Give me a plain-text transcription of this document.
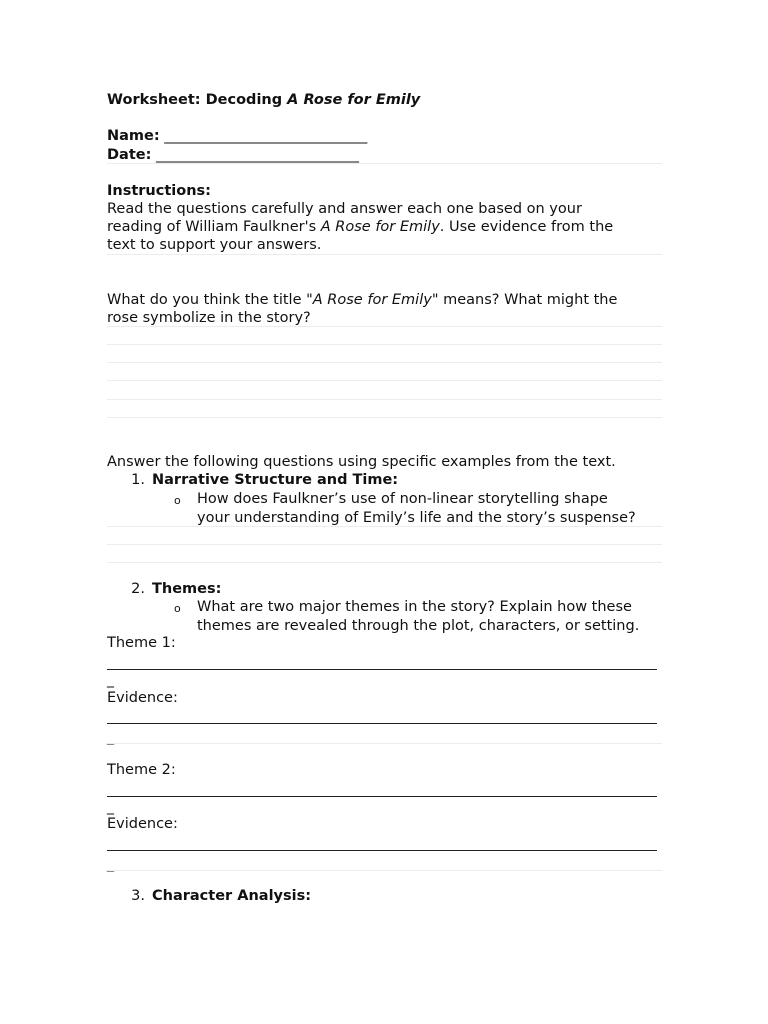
Worksheet: Decoding A Rose for Emily
Name: ____________________________
Date: ____________________________
Instructions:
Read the questions carefully and answer each one based on your
reading of William Faulkner's A Rose for Emily. Use evidence from the
text to support your answers.
What do you think the title "A Rose for Emily" means? What might the
rose symbolize in the story?
Answer the following questions using specific examples from the text.
1. Narrative Structure and Time:
o How does Faulkner’s use of non-linear storytelling shape
your understanding of Emily’s life and the story’s suspense?
2. Themes:
o What are two major themes in the story? Explain how these
themes are revealed through the plot, characters, or setting.
Theme 1:
_
Evidence:
_
Theme 2:
_
Evidence:
_
3. Character Analysis:
